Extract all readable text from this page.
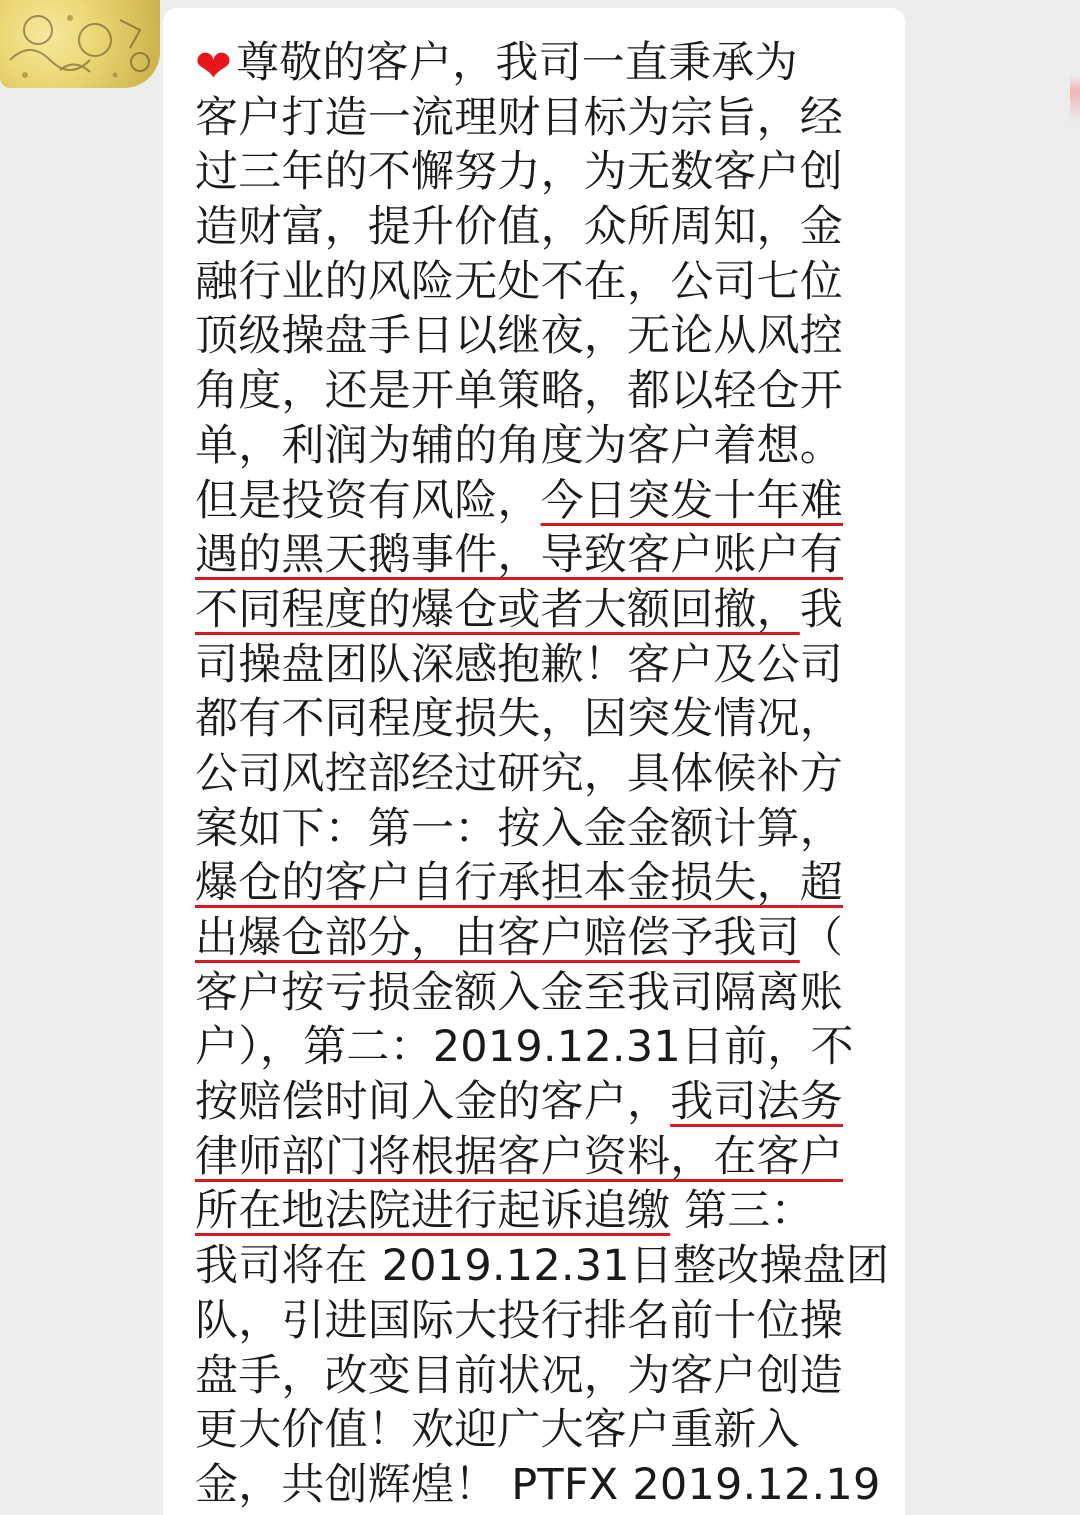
❤尊敬的客户，我司一直秉承为
客户打造一流理财目标为宗旨，经
过三年的不懈努力，为无数客户创
造财富，提升价值，众所周知，金
融行业的风险无处不在，公司七位
顶级操盘手日以继夜，无论从风控
角度，还是开单策略，都以轻仓开
单，利润为辅的角度为客户着想。
但是投资有风险，今日突发十年难
遇的黑天鹅事件，导致客户账户有
不同程度的爆仓或者大额回撤，我
司操盘团队深感抱歉！客户及公司
都有不同程度损失，因突发情况，
公司风控部经过研究，具体候补方
案如下：第一：按入金金额计算，
爆仓的客户自行承担本金损失，超
出爆仓部分，由客户赔偿予我司（
客户按亏损金额入金至我司隔离账
户），第二：2019.12.31日前，不
按赔偿时间入金的客户，我司法务
律师部门将根据客户资料，在客户
所在地法院进行起诉追缴 第三：
我司将在 2019.12.31日整改操盘团
队，引进国际大投行排名前十位操
盘手，改变目前状况，为客户创造
更大价值！欢迎广大客户重新入
金，共创辉煌！ PTFX 2019.12.19
